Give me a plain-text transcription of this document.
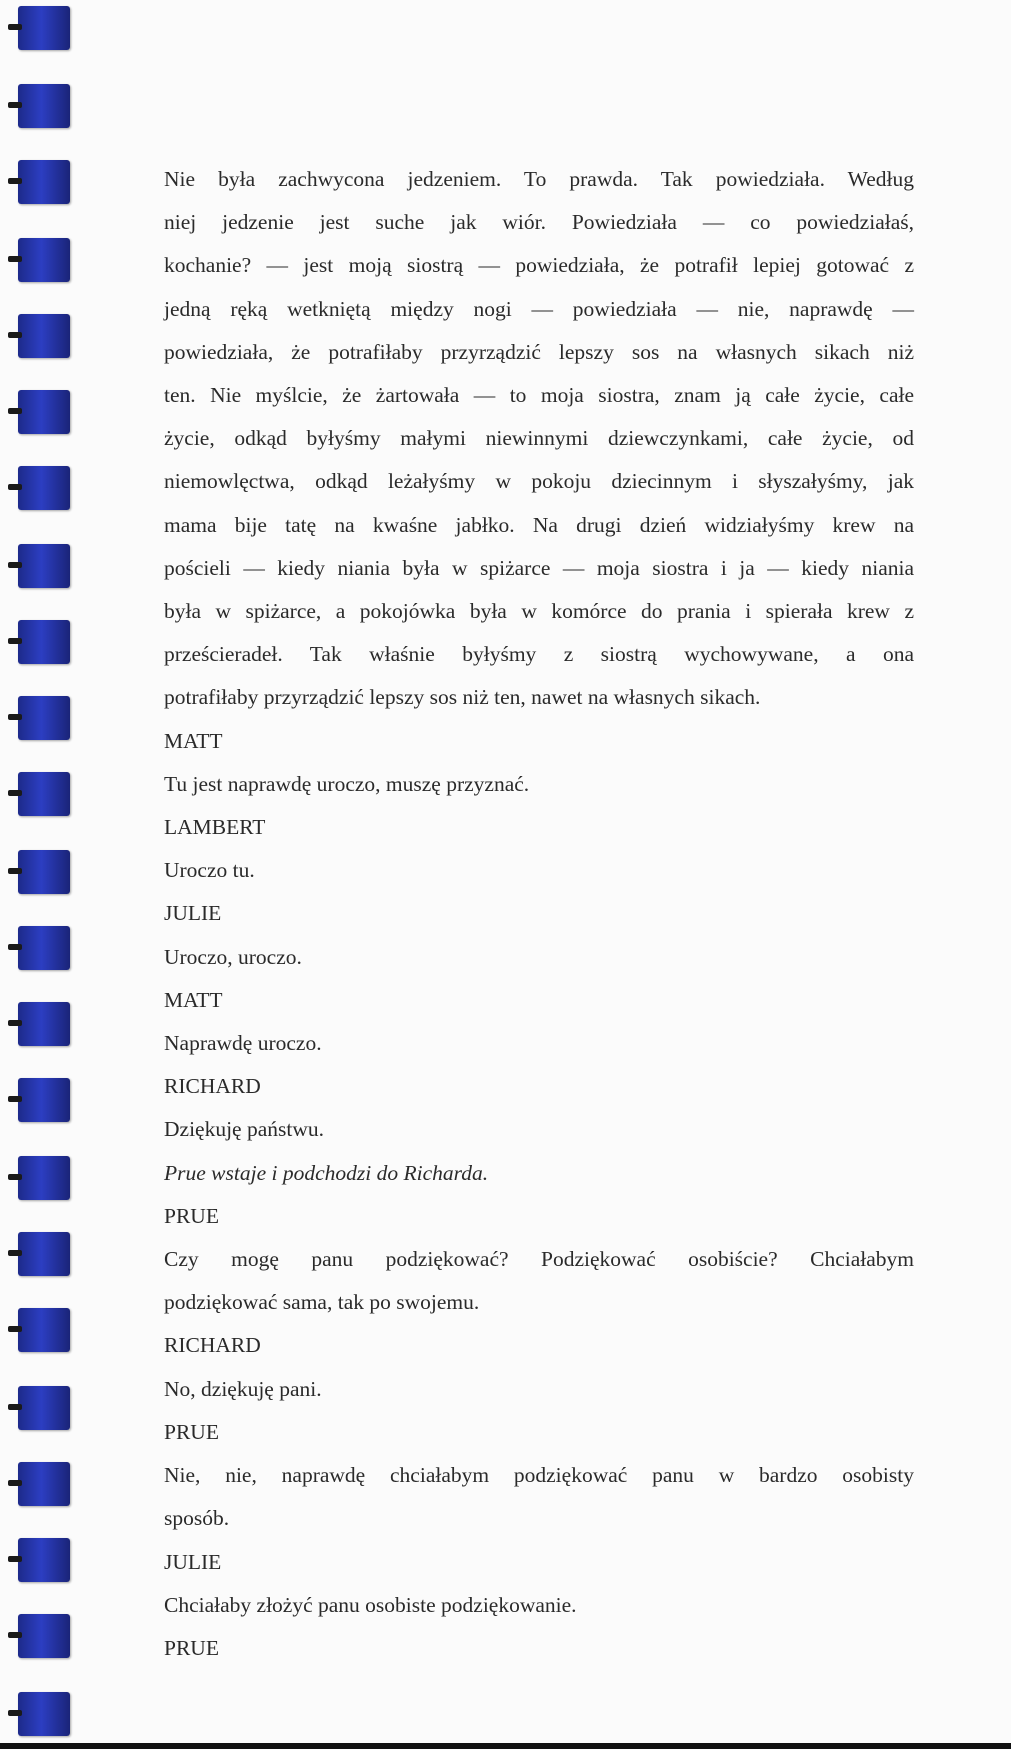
Nie była zachwycona jedzeniem. To prawda. Tak powiedziała. Według

niej jedzenie jest suche jak wiór. Powiedziała — co powiedziałaś,

kochanie? — jest moją siostrą — powiedziała, że potrafił lepiej gotować z

jedną ręką wetkniętą między nogi — powiedziała — nie, naprawdę —

powiedziała, że potrafiłaby przyrządzić lepszy sos na własnych sikach niż

ten. Nie myślcie, że żartowała — to moja siostra, znam ją całe życie, całe

życie, odkąd byłyśmy małymi niewinnymi dziewczynkami, całe życie, od

niemowlęctwa, odkąd leżałyśmy w pokoju dziecinnym i słyszałyśmy, jak

mama bije tatę na kwaśne jabłko. Na drugi dzień widziałyśmy krew na

pościeli — kiedy niania była w spiżarce — moja siostra i ja — kiedy niania

była w spiżarce, a pokojówka była w komórce do prania i spierała krew z

prześcieradeł. Tak właśnie byłyśmy z siostrą wychowywane, a ona

potrafiłaby przyrządzić lepszy sos niż ten, nawet na własnych sikach.

MATT

Tu jest naprawdę uroczo, muszę przyznać.

LAMBERT

Uroczo tu.

JULIE

Uroczo, uroczo.

MATT

Naprawdę uroczo.

RICHARD

Dziękuję państwu.

Prue wstaje i podchodzi do Richarda.

PRUE

Czy mogę panu podziękować? Podziękować osobiście? Chciałabym

podziękować sama, tak po swojemu.

RICHARD

No, dziękuję pani.

PRUE

Nie, nie, naprawdę chciałabym podziękować panu w bardzo osobisty

sposób.

JULIE

Chciałaby złożyć panu osobiste podziękowanie.

PRUE
